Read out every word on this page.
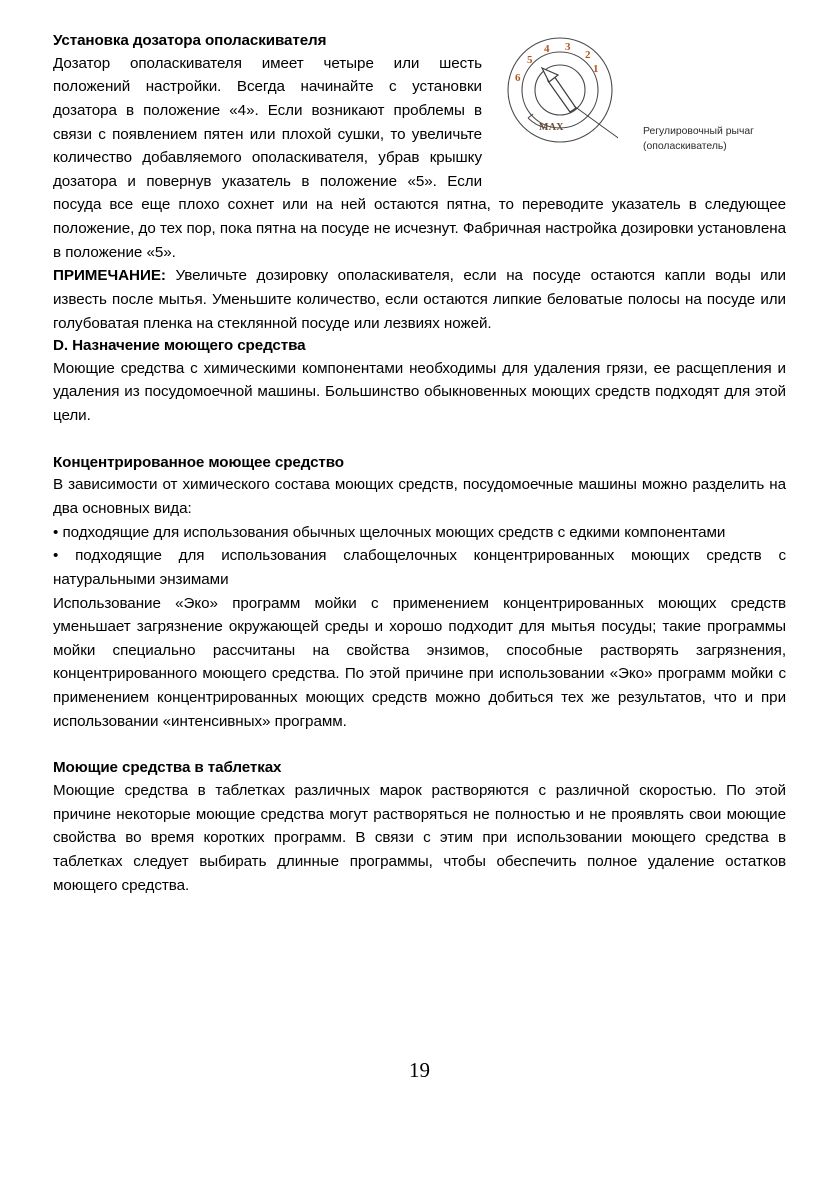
1
2
3
4
5
6
MAX	Регулировочный рычаг
(ополаскиватель)
Установка дозатора ополаскивателя

Дозатор ополаскивателя имеет четыре или шесть положений настройки. Всегда начинайте с установки дозатора в положение «4». Если возникают проблемы в связи с появлением пятен или плохой сушки, то увеличьте количество добавляемого ополаскивателя, убрав крышку дозатора и повернув указатель в положение «5». Если посуда все еще плохо сохнет или на ней остаются пятна, то переводите указатель в следующее положение, до тех пор, пока пятна на посуде не исчезнут. Фабричная настройка дозировки установлена в положение «5».

ПРИМЕЧАНИЕ: Увеличьте дозировку ополаскивателя, если на посуде остаются капли воды или известь после мытья. Уменьшите количество, если остаются липкие беловатые полосы на посуде или голубоватая пленка на стеклянной посуде или лезвиях ножей.

D. Назначение моющего средства

Моющие средства с химическими компонентами необходимы для удаления грязи, ее расщепления и удаления из посудомоечной машины. Большинство обыкновенных моющих средств подходят для этой цели.

Концентрированное моющее средство

В зависимости от химического состава моющих средств, посудомоечные машины можно разделить на два основных вида:

• подходящие для использования обычных щелочных моющих средств с едкими компонентами

• подходящие для использования слабощелочных концентрированных моющих средств с натуральными энзимами

Использование «Эко» программ мойки с применением концентрированных моющих средств уменьшает загрязнение окружающей среды и хорошо подходит для мытья посуды; такие программы мойки специально рассчитаны на свойства энзимов, способные растворять загрязнения, концентрированного моющего средства. По этой причине при использовании «Эко» программ мойки с применением концентрированных моющих средств можно добиться тех же результатов, что и при использовании «интенсивных» программ.

Моющие средства в таблетках

Моющие средства в таблетках различных марок растворяются с различной скоростью. По этой причине некоторые моющие средства могут растворяться не полностью и не проявлять свои моющие свойства во время коротких программ. В связи с этим при использовании моющего средства в таблетках следует выбирать длинные программы, чтобы обеспечить полное удаление остатков моющего средства.

19
